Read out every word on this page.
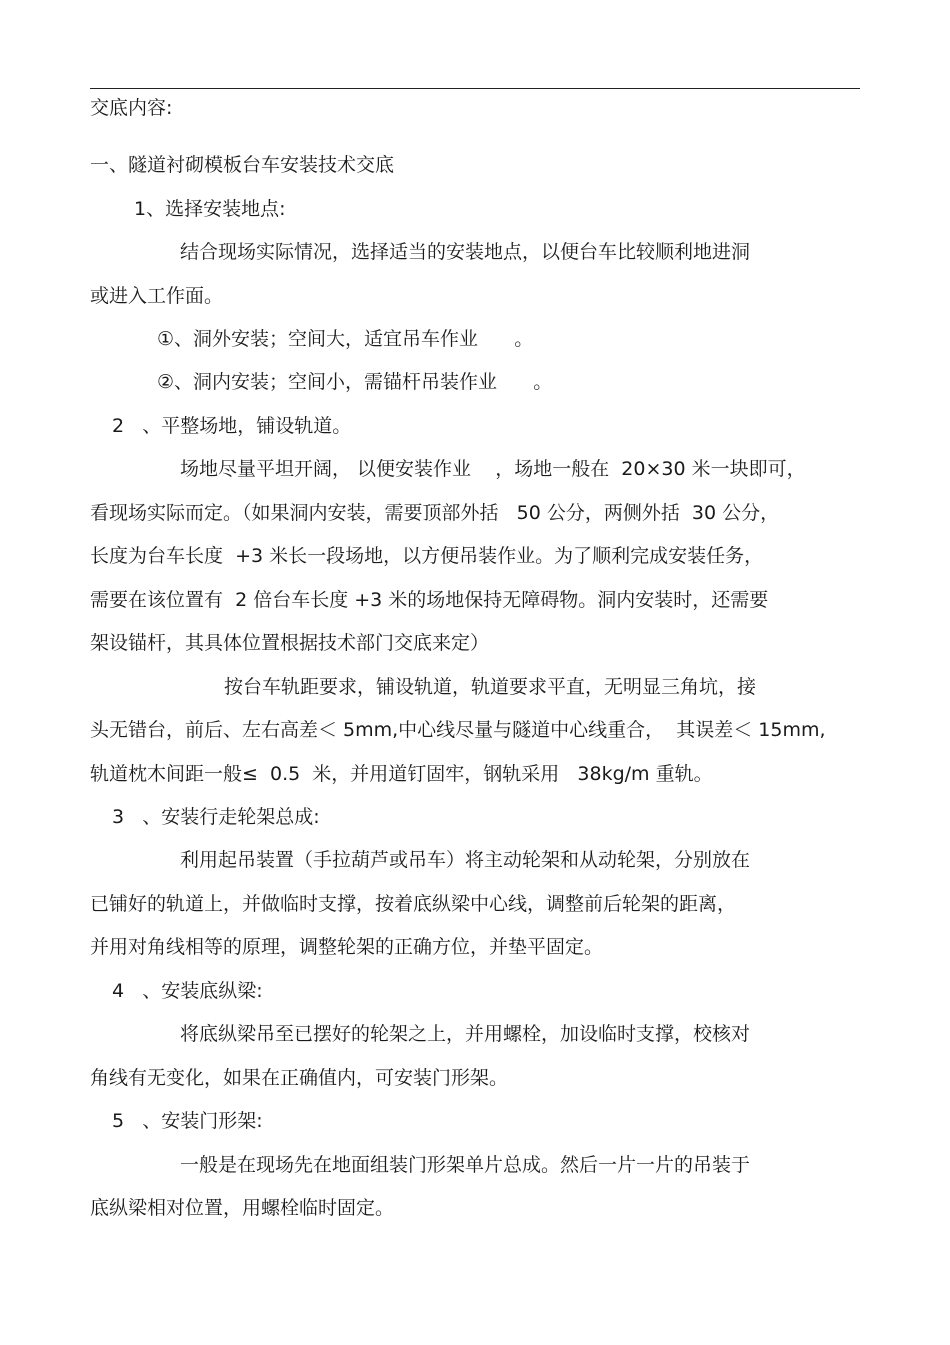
交底内容:
一、隧道衬砌模板台车安装技术交底
1、选择安装地点:
结合现场实际情况，选择适当的安装地点，以便台车比较顺利地进洞
或进入工作面。
①、洞外安装；空间大，适宜吊车作业      。
②、洞内安装；空间小，需锚杆吊装作业      。
2   、平整场地，铺设轨道。
场地尽量平坦开阔， 以便安装作业    ，场地一般在  20×30 米一块即可，
看现场实际而定。（如果洞内安装，需要顶部外括   50 公分，两侧外括  30 公分，
长度为台车长度  +3 米长一段场地，以方便吊装作业。为了顺利完成安装任务，
需要在该位置有  2 倍台车长度 +3 米的场地保持无障碍物。洞内安装时，还需要
架设锚杆，其具体位置根据技术部门交底来定）
按台车轨距要求，铺设轨道，轨道要求平直，无明显三角坑，接
头无错台，前后、左右高差＜ 5mm,中心线尽量与隧道中心线重合，  其误差＜ 15mm,
轨道枕木间距一般≤  0.5  米，并用道钉固牢，钢轨采用   38kg/m 重轨。
3   、安装行走轮架总成:
利用起吊装置（手拉葫芦或吊车）将主动轮架和从动轮架，分别放在
已铺好的轨道上，并做临时支撑，按着底纵梁中心线，调整前后轮架的距离，
并用对角线相等的原理，调整轮架的正确方位，并垫平固定。
4   、安装底纵梁:
将底纵梁吊至已摆好的轮架之上，并用螺栓，加设临时支撑，校核对
角线有无变化，如果在正确值内，可安装门形架。
5   、安装门形架:
一般是在现场先在地面组装门形架单片总成。然后一片一片的吊装于
底纵梁相对位置，用螺栓临时固定。
